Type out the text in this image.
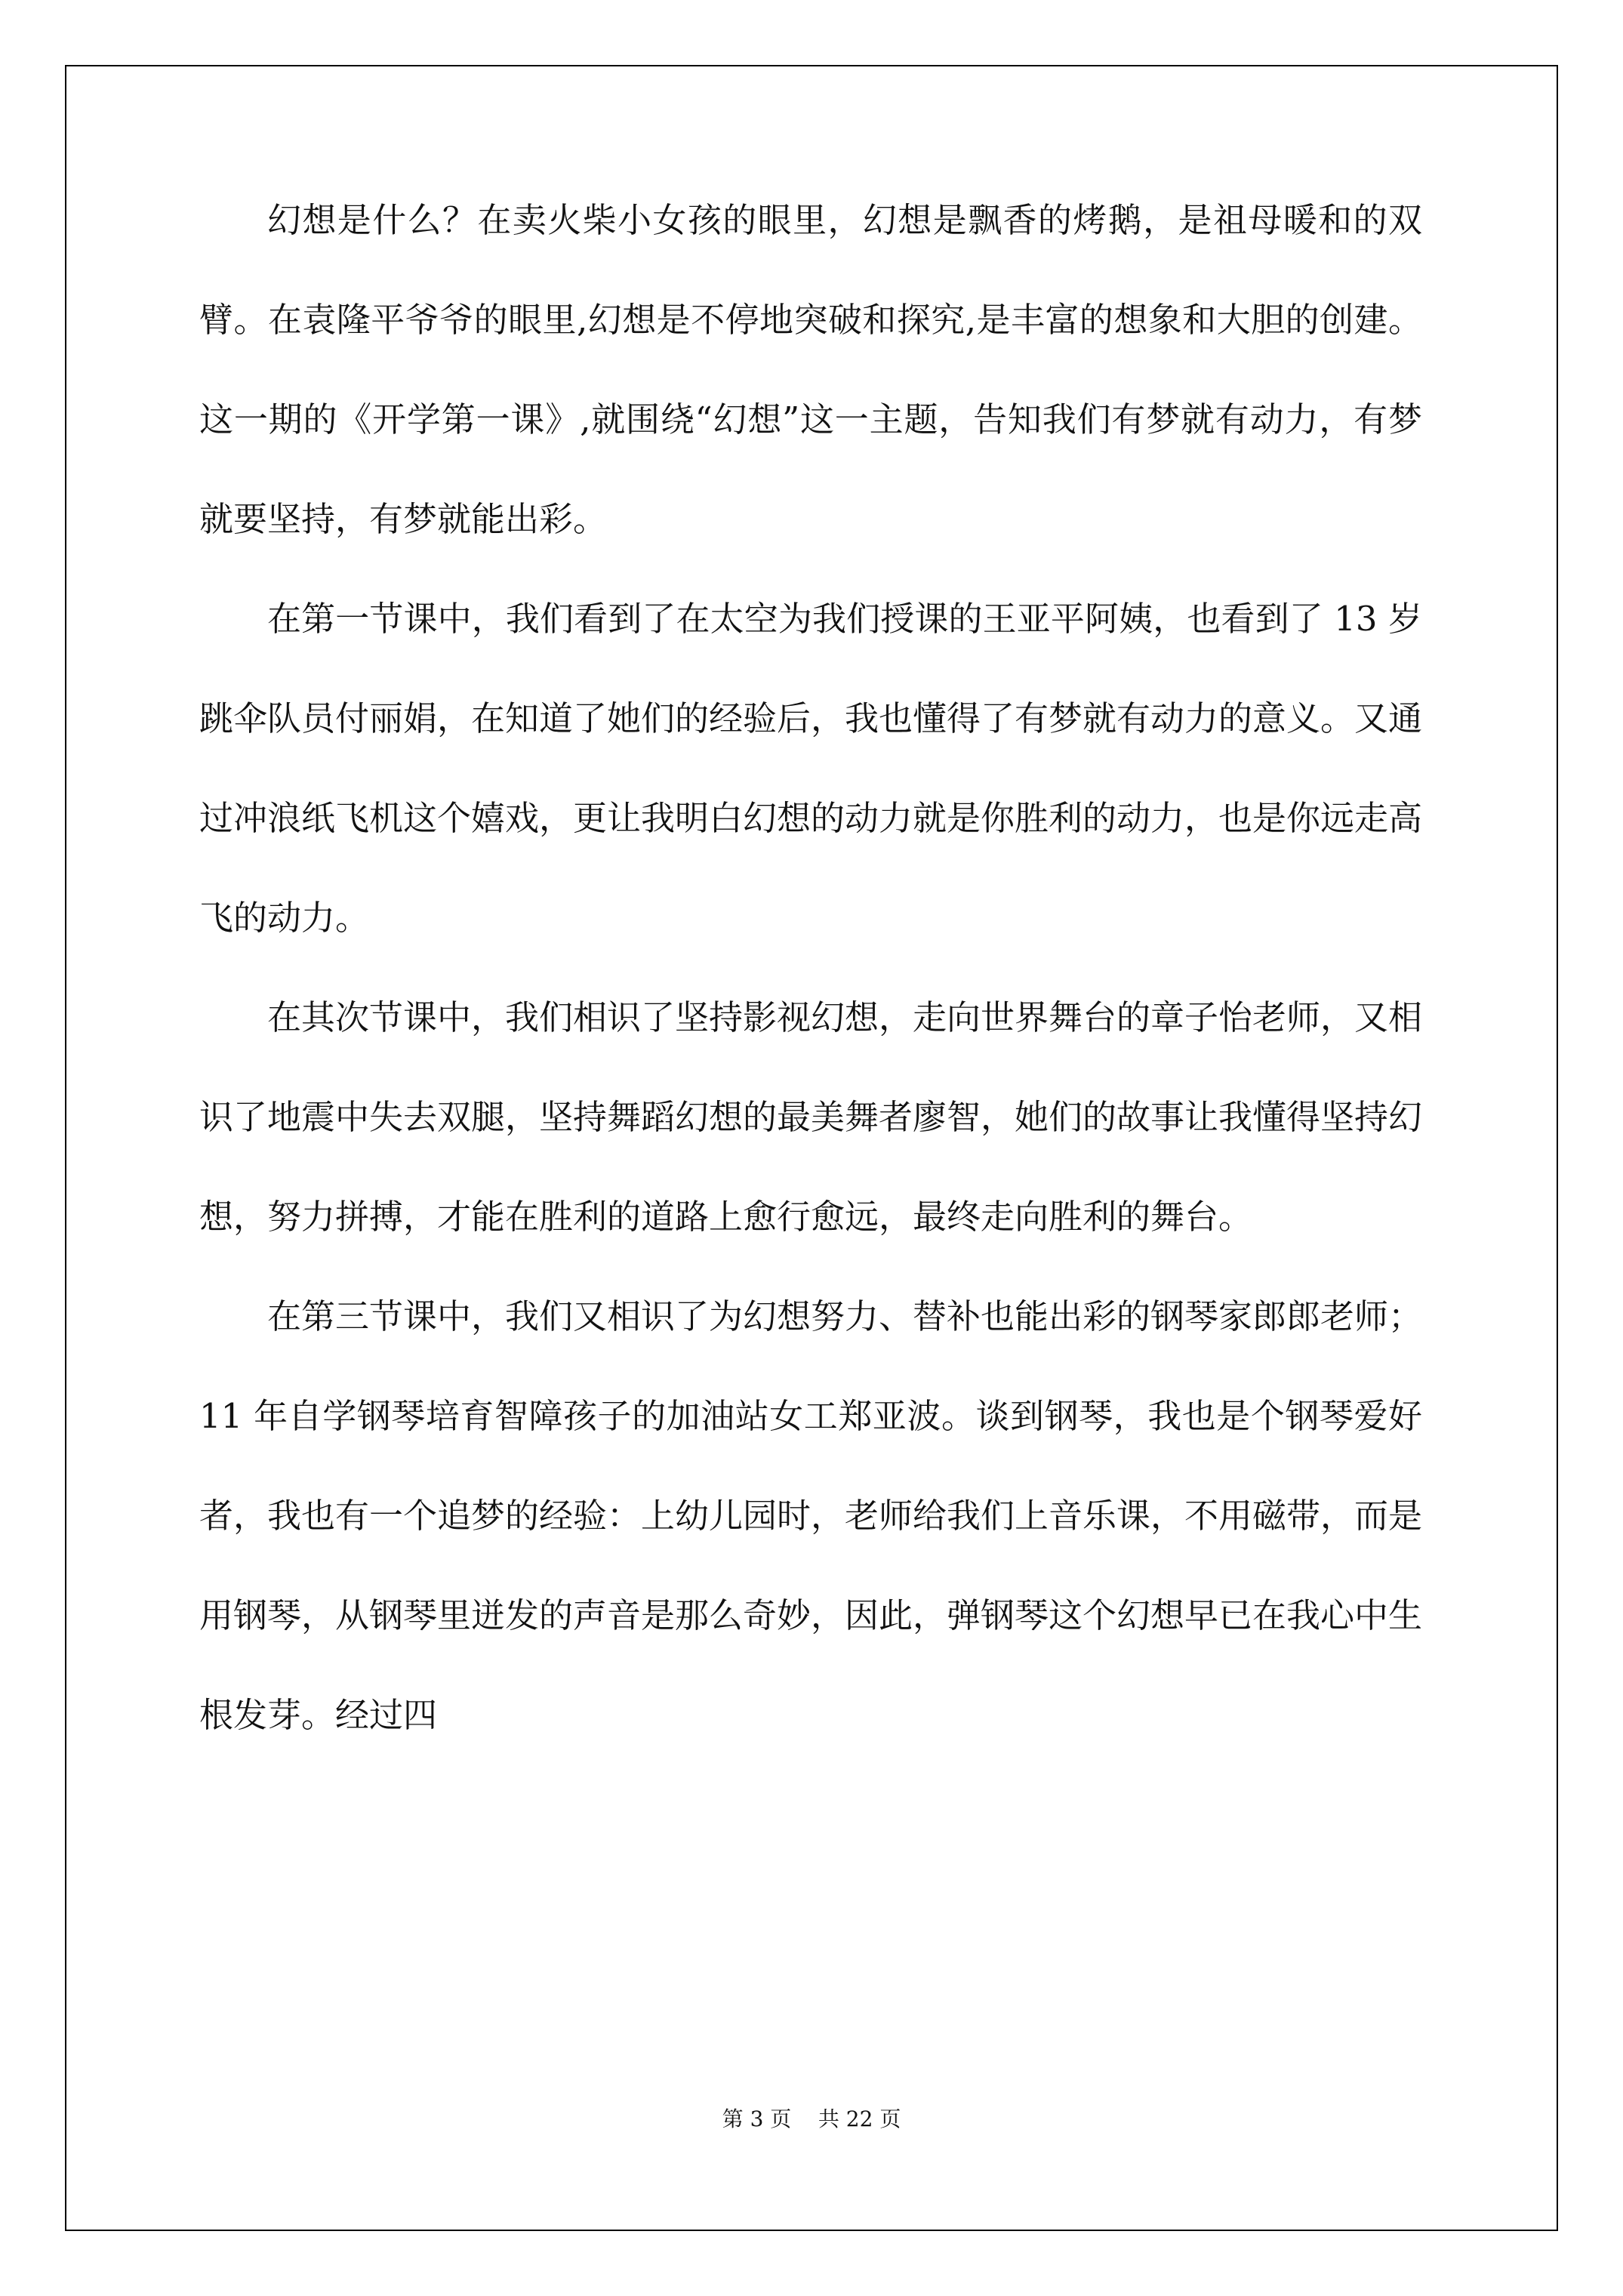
幻想是什么？在卖火柴小女孩的眼里，幻想是飘香的烤鹅，是祖母暖和的双臂。在袁隆平爷爷的眼里,幻想是不停地突破和探究,是丰富的想象和大胆的创建。这一期的《开学第一课》,就围绕“幻想”这一主题，告知我们有梦就有动力，有梦就要坚持，有梦就能出彩。

在第一节课中，我们看到了在太空为我们授课的王亚平阿姨，也看到了 13 岁跳伞队员付丽娟，在知道了她们的经验后，我也懂得了有梦就有动力的意义。又通过冲浪纸飞机这个嬉戏，更让我明白幻想的动力就是你胜利的动力，也是你远走高飞的动力。

在其次节课中，我们相识了坚持影视幻想，走向世界舞台的章子怡老师，又相识了地震中失去双腿，坚持舞蹈幻想的最美舞者廖智，她们的故事让我懂得坚持幻想，努力拼搏，才能在胜利的道路上愈行愈远，最终走向胜利的舞台。

在第三节课中，我们又相识了为幻想努力、替补也能出彩的钢琴家郎郎老师；11 年自学钢琴培育智障孩子的加油站女工郑亚波。谈到钢琴，我也是个钢琴爱好者，我也有一个追梦的经验：上幼儿园时，老师给我们上音乐课，不用磁带，而是用钢琴，从钢琴里迸发的声音是那么奇妙，因此，弹钢琴这个幻想早已在我心中生根发芽。经过四

第 3 页    共 22 页
